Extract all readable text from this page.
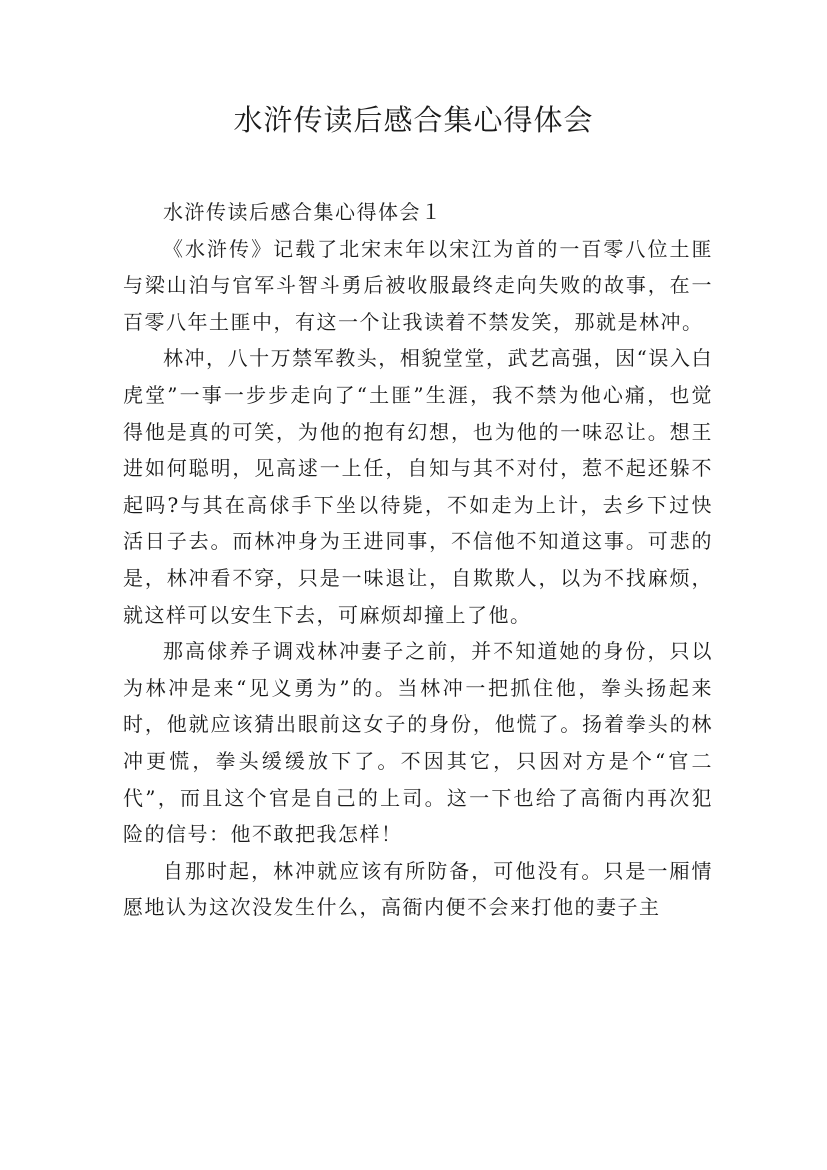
水浒传读后感合集心得体会

水浒传读后感合集心得体会１

《水浒传》记载了北宋末年以宋江为首的一百零八位土匪与梁山泊与官军斗智斗勇后被收服最终走向失败的故事，在一百零八年土匪中，有这一个让我读着不禁发笑，那就是林冲。

林冲，八十万禁军教头，相貌堂堂，武艺高强，因“误入白虎堂”一事一步步走向了“土匪”生涯，我不禁为他心痛，也觉得他是真的可笑，为他的抱有幻想，也为他的一味忍让。想王进如何聪明，见高逑一上任，自知与其不对付，惹不起还躲不起吗?与其在高俅手下坐以待毙，不如走为上计，去乡下过快活日子去。而林冲身为王进同事，不信他不知道这事。可悲的是，林冲看不穿，只是一味退让，自欺欺人，以为不找麻烦，就这样可以安生下去，可麻烦却撞上了他。

那高俅养子调戏林冲妻子之前，并不知道她的身份，只以为林冲是来“见义勇为”的。当林冲一把抓住他，拳头扬起来时，他就应该猜出眼前这女子的身份，他慌了。扬着拳头的林冲更慌，拳头缓缓放下了。不因其它，只因对方是个“官二代”，而且这个官是自己的上司。这一下也给了高衙内再次犯险的信号：他不敢把我怎样！

自那时起，林冲就应该有所防备，可他没有。只是一厢情愿地认为这次没发生什么，高衙内便不会来打他的妻子主
